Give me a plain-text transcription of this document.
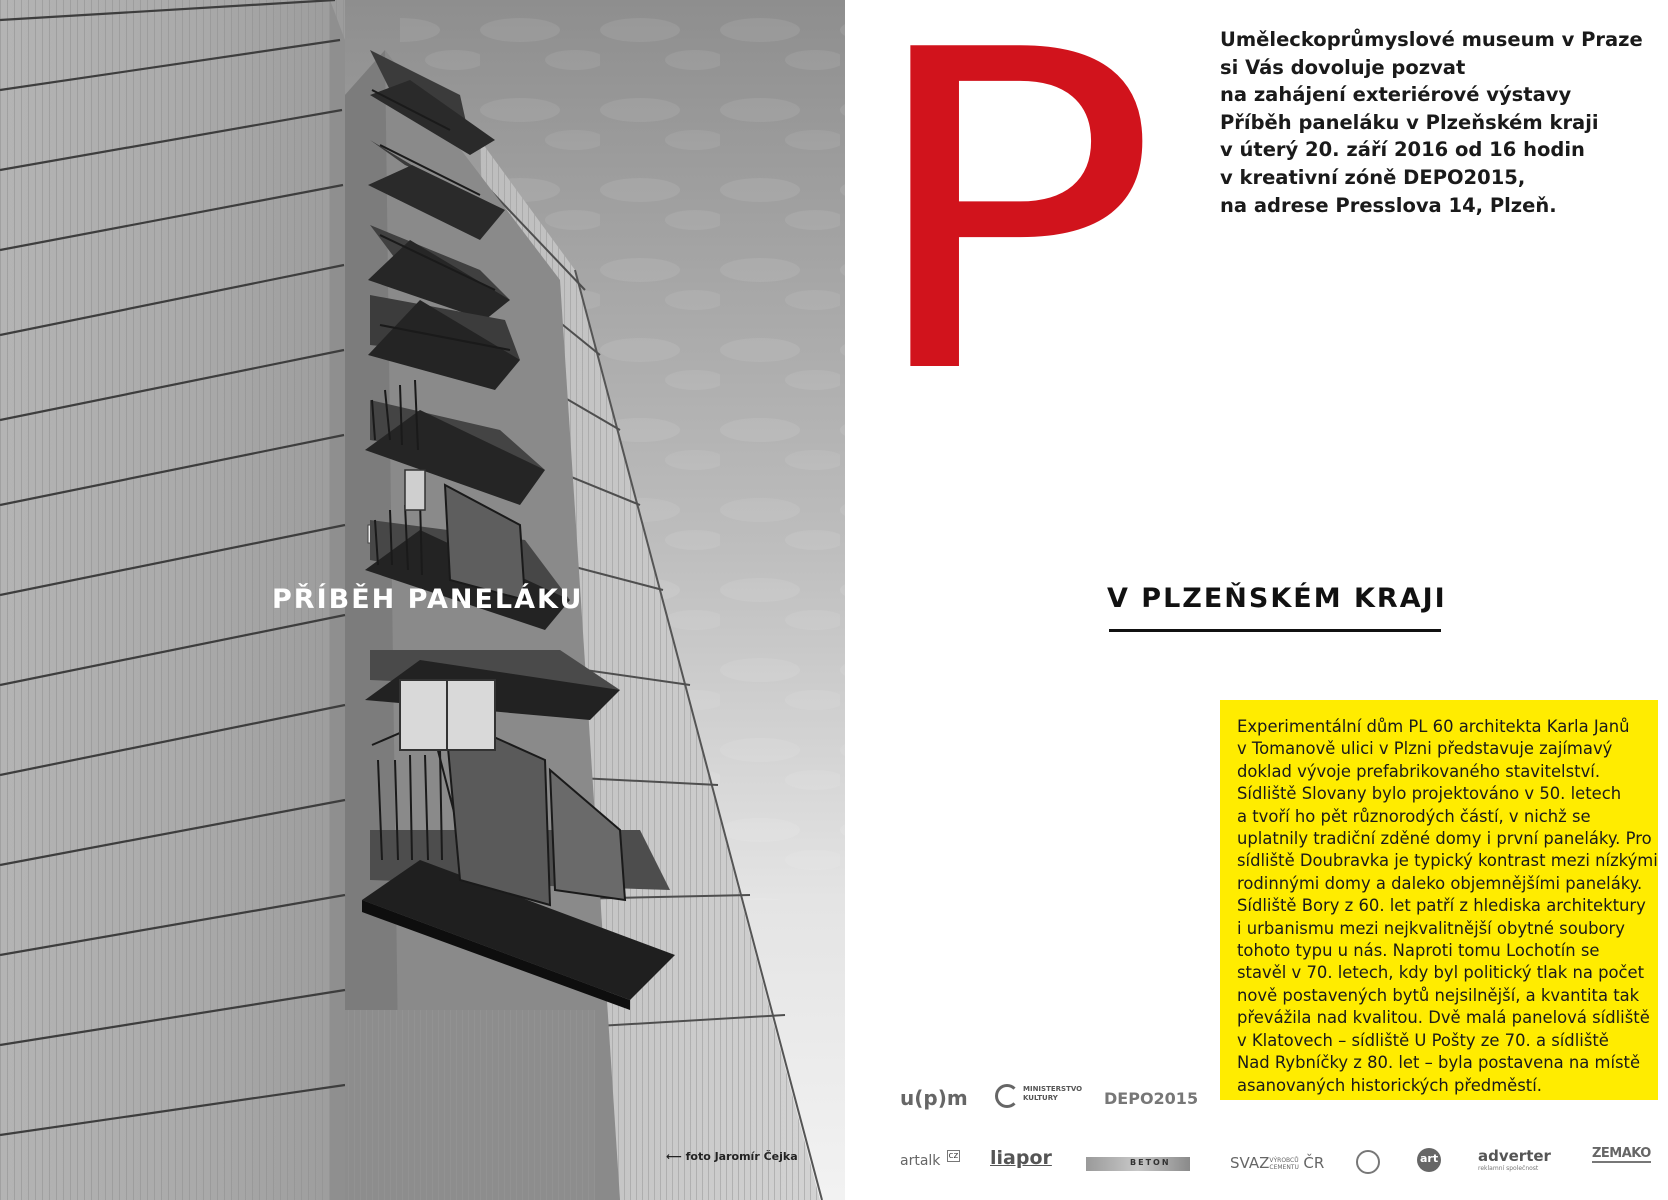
PŘÍBĚH PANELÁKU
⟵ foto Jaromír Čejka
P	Uměleckoprůmyslové museum v Praze
si Vás dovoluje pozvat
na zahájení exteriérové výstavy
Příběh paneláku v Plzeňském kraji
v úterý 20. září 2016 od 16 hodin
v kreativní zóně DEPO2015,
na adrese Presslova 14, Plzeň.
V PLZEŇSKÉM KRAJI

Experimentální dům PL 60 architekta Karla Janů
v Tomanově ulici v Plzni představuje zajímavý
doklad vývoje prefabrikovaného stavitelství.
Sídliště Slovany bylo projektováno v 50. letech
a tvoří ho pět různorodých částí, v nichž se
uplatnily tradiční zděné domy i první paneláky. Pro
sídliště Doubravka je typický kontrast mezi nízkými
rodinnými domy a daleko objemnějšími paneláky.
Sídliště Bory z 60. let patří z hlediska architektury
i urbanismu mezi nejkvalitnější obytné soubory
tohoto typu u nás. Naproti tomu Lochotín se
stavěl v 70. letech, kdy byl politický tlak na počet
nově postavených bytů nejsilnější, a kvantita tak
převážila nad kvalitou. Dvě malá panelová sídliště
v Klatovech – sídliště U Pošty ze 70. a sídliště
Nad Rybníčky z 80. let – byla postavena na místě
asanovaných historických předměstí.

u(p)m	MINISTERSTVO
KULTURY	DEPO2015
artalk cz liapor	BETON	SVAZVÝROBCŮ CEMENTU ČR	art	adverter
reklamní společnost
ZEMAKO
